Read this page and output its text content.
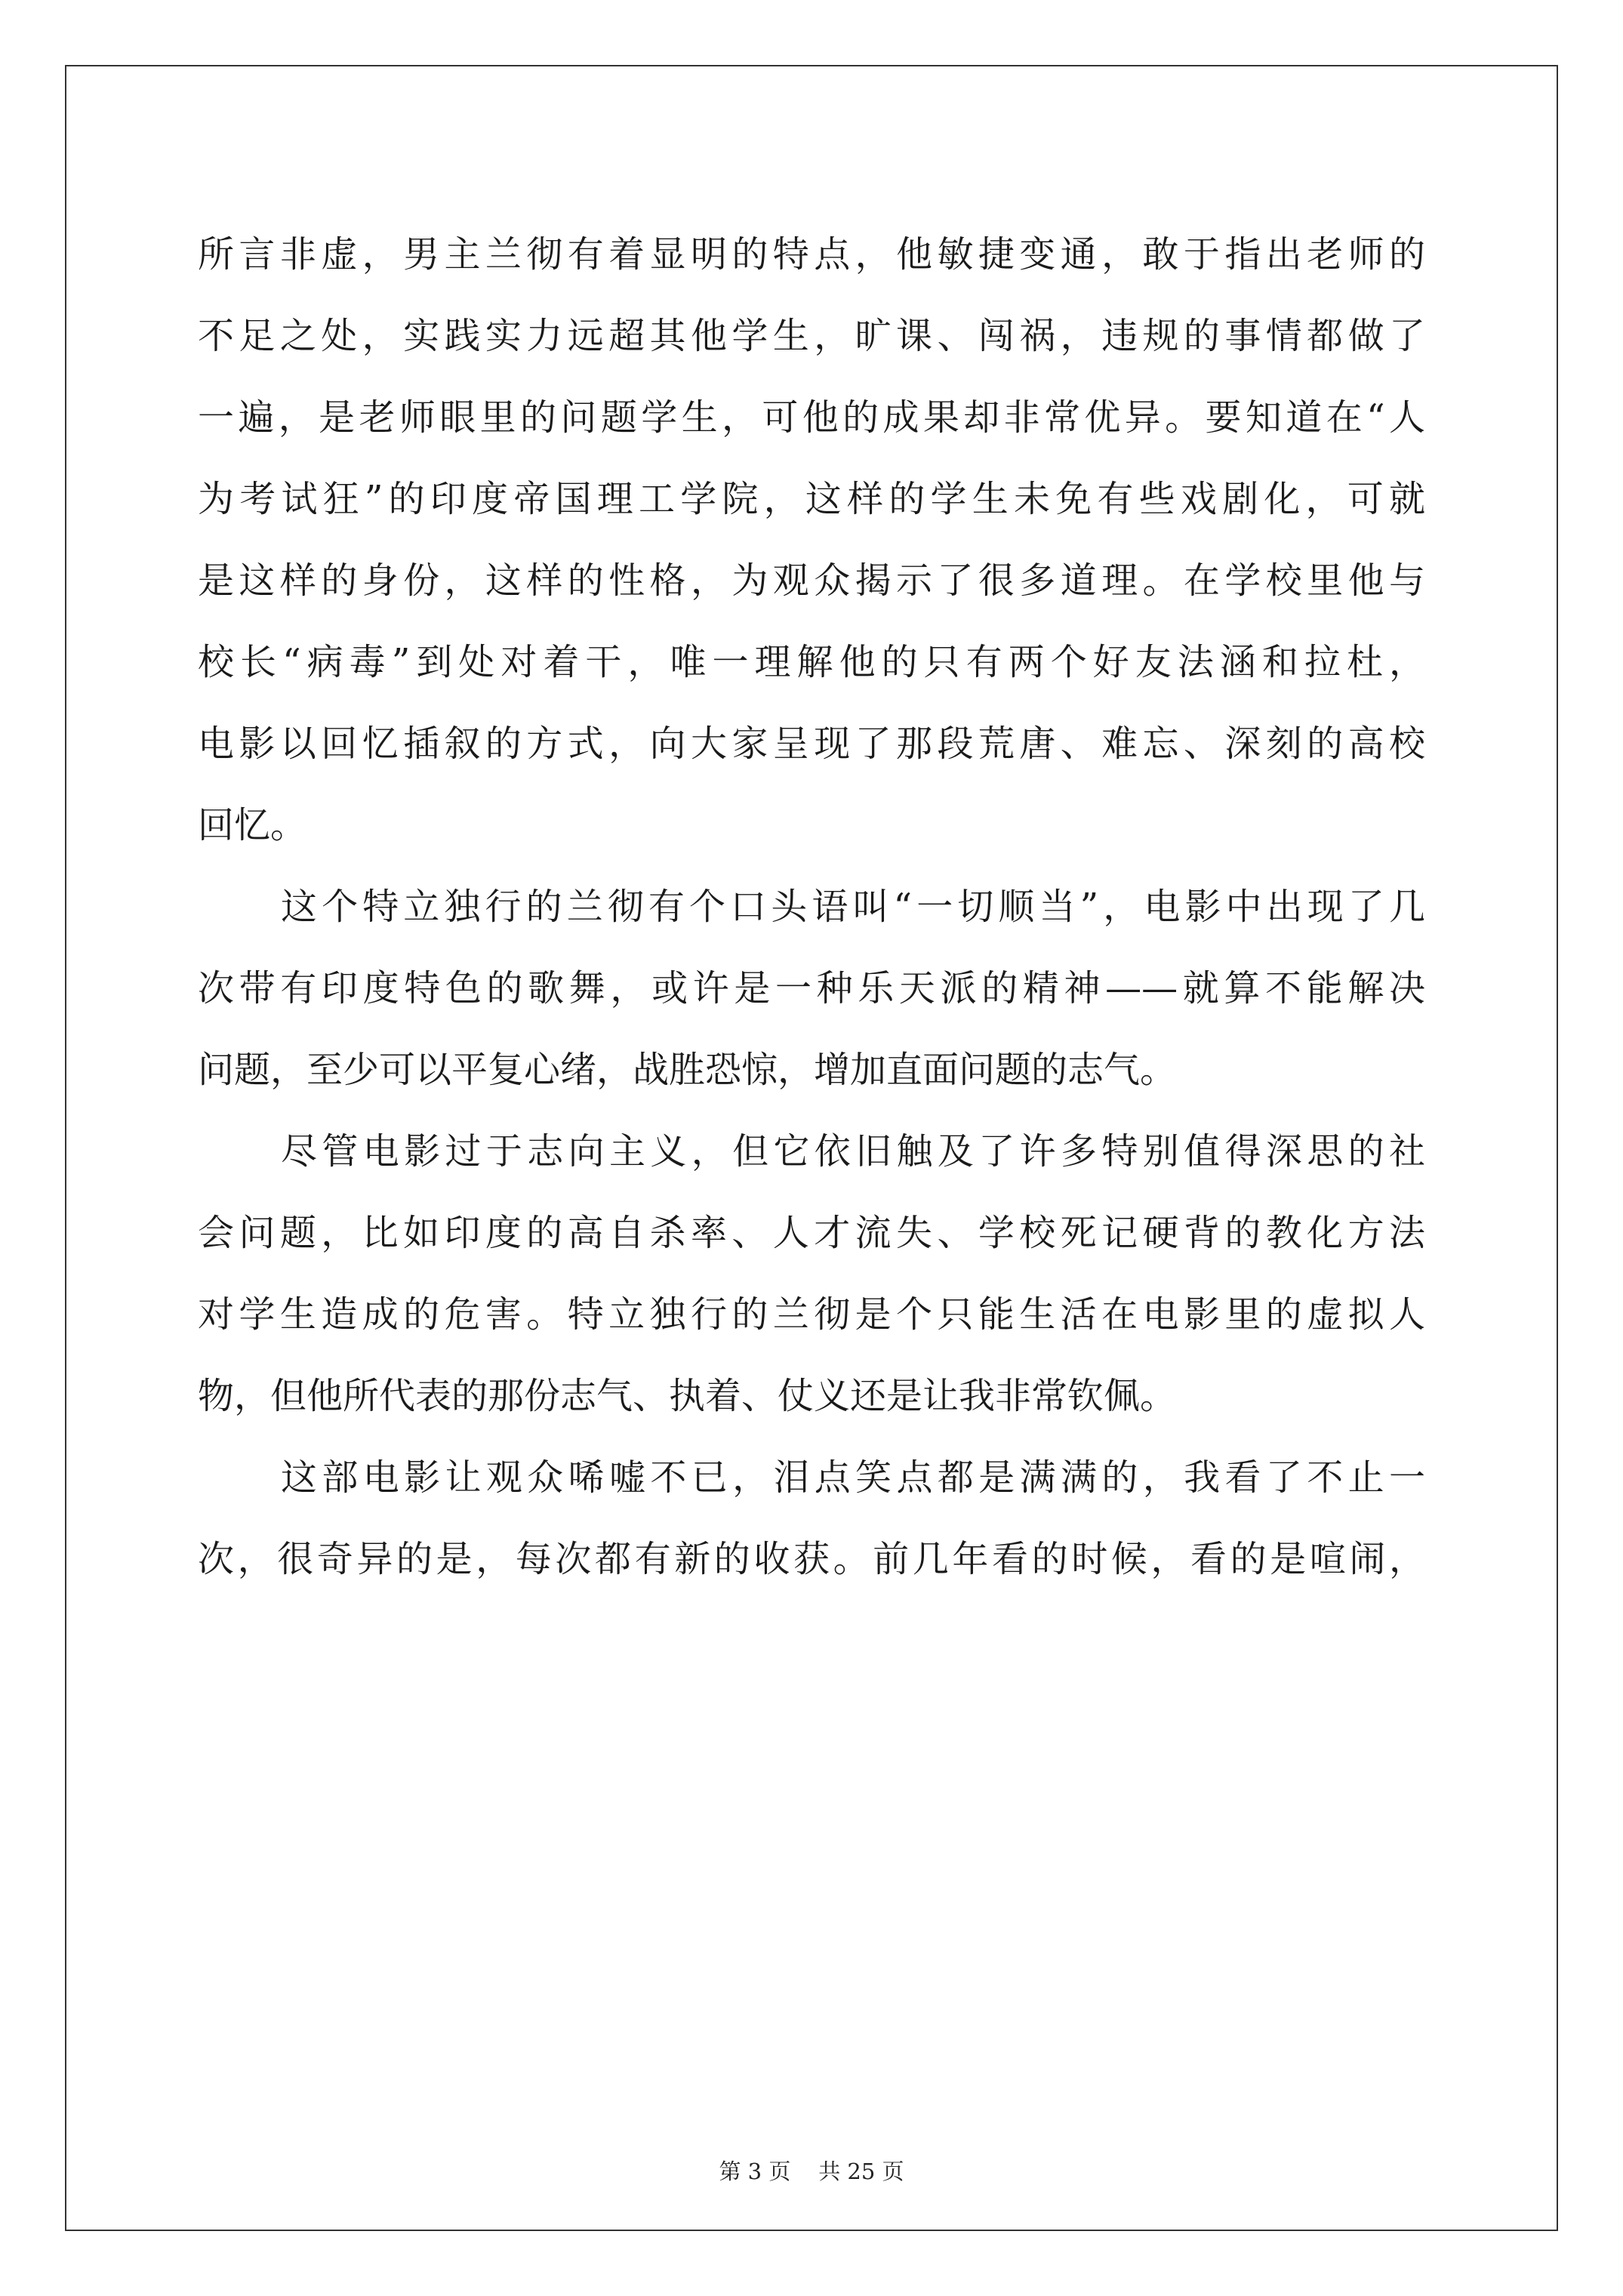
所言非虚，男主兰彻有着显明的特点，他敏捷变通，敢于指出老师的
不足之处，实践实力远超其他学生，旷课、闯祸，违规的事情都做了
一遍，是老师眼里的问题学生，可他的成果却非常优异。要知道在“人
为考试狂”的印度帝国理工学院，这样的学生未免有些戏剧化，可就
是这样的身份，这样的性格，为观众揭示了很多道理。在学校里他与
校长“病毒”到处对着干，唯一理解他的只有两个好友法涵和拉杜，
电影以回忆插叙的方式，向大家呈现了那段荒唐、难忘、深刻的高校
回忆。
这个特立独行的兰彻有个口头语叫“一切顺当”，电影中出现了几
次带有印度特色的歌舞，或许是一种乐天派的精神——就算不能解决
问题，至少可以平复心绪，战胜恐惊，增加直面问题的志气。
尽管电影过于志向主义，但它依旧触及了许多特别值得深思的社
会问题，比如印度的高自杀率、人才流失、学校死记硬背的教化方法
对学生造成的危害。特立独行的兰彻是个只能生活在电影里的虚拟人
物，但他所代表的那份志气、执着、仗义还是让我非常钦佩。
这部电影让观众唏嘘不已，泪点笑点都是满满的，我看了不止一
次，很奇异的是，每次都有新的收获。前几年看的时候，看的是喧闹，
第 3 页 共 25 页
